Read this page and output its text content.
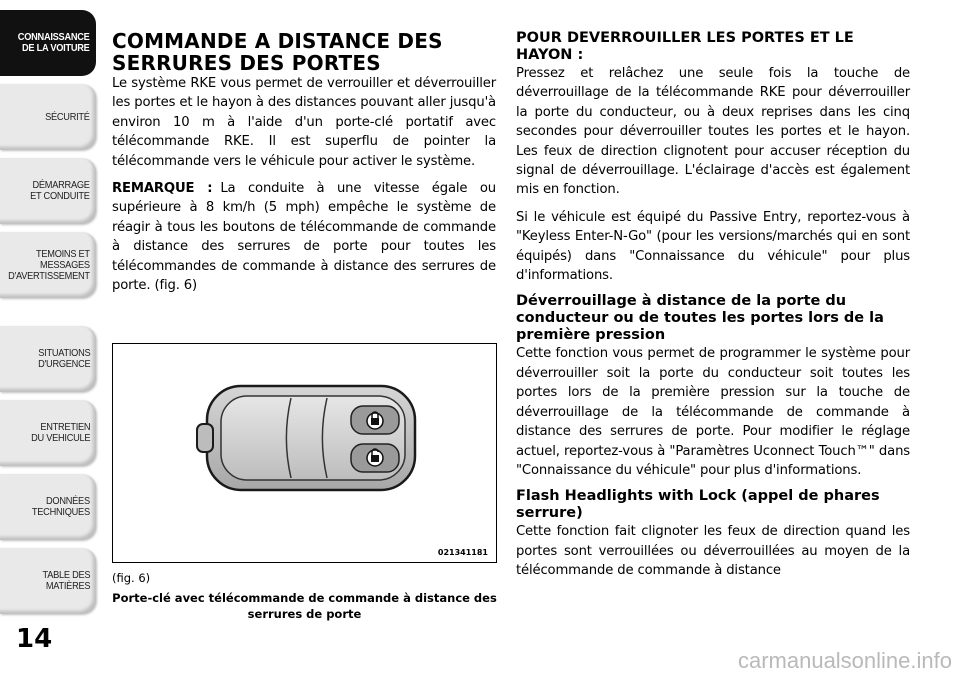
CONNAISSANCE
DE LA VOITURE
SÉCURITÉ
DÉMARRAGE
ET CONDUITE
TEMOINS ET
MESSAGES
D'AVERTISSEMENT
SITUATIONS
D'URGENCE
ENTRETIEN
DU VEHICULE
DONNÉES
TECHNIQUES
TABLE DES
MATIÈRES
14
COMMANDE A DISTANCE DES SERRURES DES PORTES

Le système RKE vous permet de verrouiller et déverrouiller les portes et le hayon à des distances pouvant aller jusqu'à environ 10 m à l'aide d'un porte-clé portatif avec télécommande RKE. Il est superflu de pointer la télécommande vers le véhicule pour activer le système.

REMARQUE : La conduite à une vitesse égale ou supérieure à 8 km/h (5 mph) empêche le système de réagir à tous les boutons de télécommande de commande à distance des serrures de porte pour toutes les télécommandes de commande à distance des serrures de porte. (fig. 6)

021341181
(fig. 6)
Porte-clé avec télécommande de commande à distance des serrures de porte
POUR DEVERROUILLER LES PORTES ET LE HAYON :

Pressez et relâchez une seule fois la touche de déverrouillage de la télécommande RKE pour déverrouiller la porte du conducteur, ou à deux reprises dans les cinq secondes pour déverrouiller toutes les portes et le hayon. Les feux de direction clignotent pour accuser réception du signal de déverrouillage. L'éclairage d'accès est également mis en fonction.

Si le véhicule est équipé du Passive Entry, reportez-vous à "Keyless Enter-N-Go" (pour les versions/marchés qui en sont équipés) dans "Connaissance du véhicule" pour plus d'informations.

Déverrouillage à distance de la porte du conducteur ou de toutes les portes lors de la première pression

Cette fonction vous permet de programmer le système pour déverrouiller soit la porte du conducteur soit toutes les portes lors de la première pression sur la touche de déverrouillage de la télécommande de commande à distance des serrures de porte. Pour modifier le réglage actuel, reportez-vous à "Paramètres Uconnect Touch™" dans "Connaissance du véhicule" pour plus d'informations.

Flash Headlights with Lock (appel de phares serrure)

Cette fonction fait clignoter les feux de direction quand les portes sont verrouillées ou déverrouillées au moyen de la télécommande de commande à distance

carmanualsonline.info
